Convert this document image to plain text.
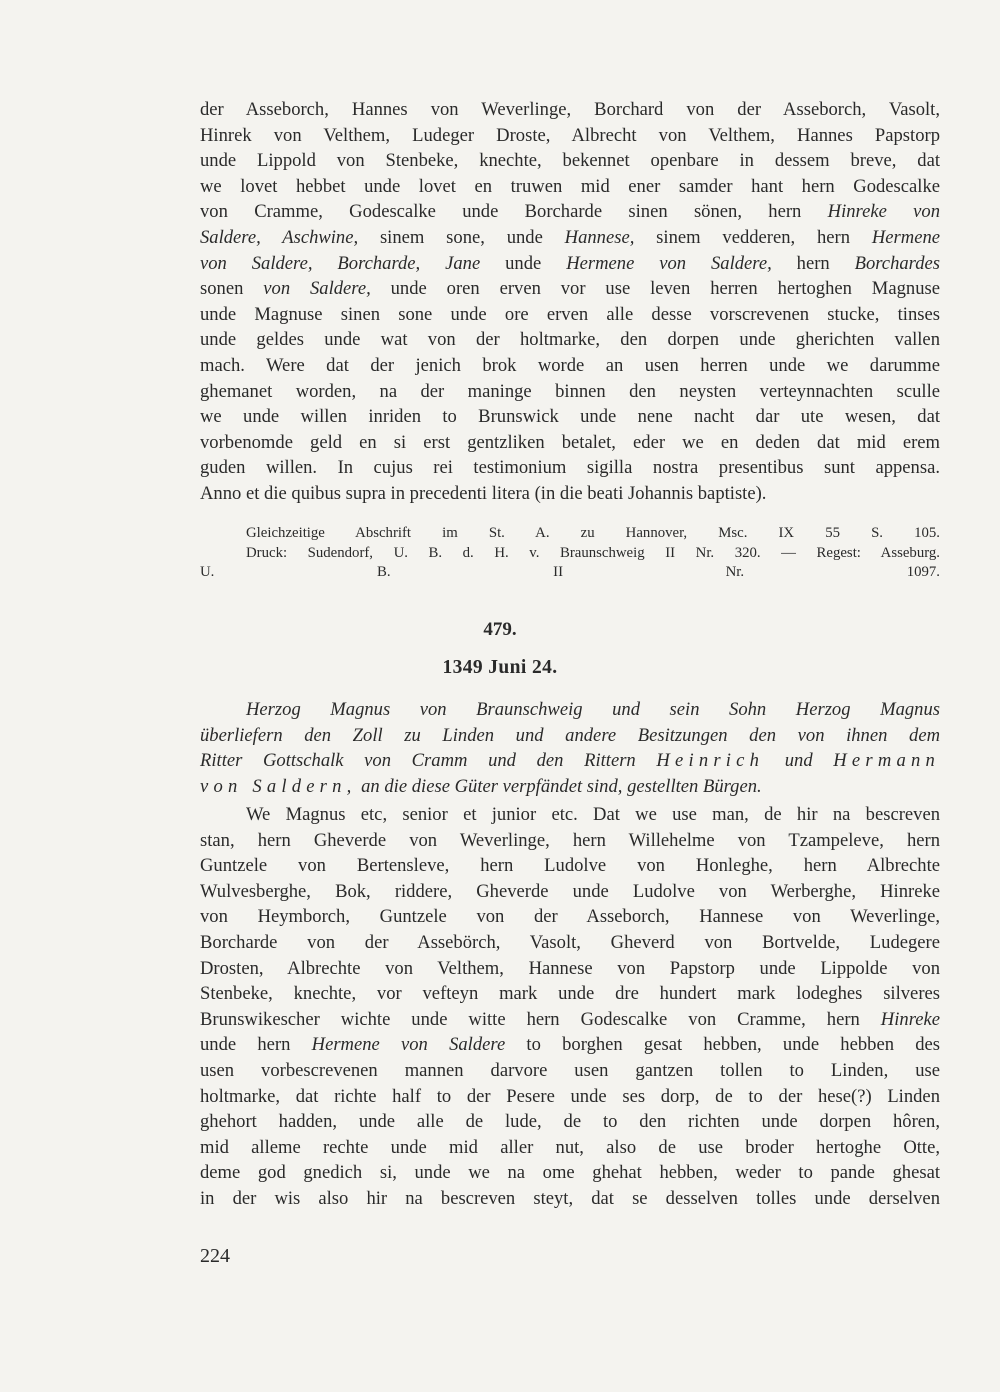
der Asseborch, Hannes von Weverlinge, Borchard von der Asseborch, Vasolt,
Hinrek von Velthem, Ludeger Droste, Albrecht von Velthem, Hannes Papstorp
unde Lippold von Stenbeke, knechte, bekennet openbare in dessem breve, dat
we lovet hebbet unde lovet en truwen mid ener samder hant hern Godescalke
von Cramme, Godescalke unde Borcharde sinen sönen, hern Hinreke von
Saldere, Aschwine, sinem sone, unde Hannese, sinem vedderen, hern Hermene
von Saldere, Borcharde, Jane unde Hermene von Saldere, hern Borchardes
sonen von Saldere, unde oren erven vor use leven herren hertoghen Magnuse
unde Magnuse sinen sone unde ore erven alle desse vorscrevenen stucke, tinses
unde geldes unde wat von der holtmarke, den dorpen unde gherichten vallen
mach. Were dat der jenich brok worde an usen herren unde we darumme
ghemanet worden, na der maninge binnen den neysten verteynnachten sculle
we unde willen inriden to Brunswick unde nene nacht dar ute wesen, dat
vorbenomde geld en si erst gentzliken betalet, eder we en deden dat mid erem
guden willen. In cujus rei testimonium sigilla nostra presentibus sunt appensa.
Anno et die quibus supra in precedenti litera (in die beati Johannis baptiste).
Gleichzeitige Abschrift im St. A. zu Hannover, Msc. IX 55 S. 105.
Druck: Sudendorf, U. B. d. H. v. Braunschweig II Nr. 320. — Regest: Asseburg.
U. B. II Nr. 1097.
479.
1349 Juni 24.
Herzog Magnus von Braunschweig und sein Sohn Herzog Magnus
überliefern den Zoll zu Linden und andere Besitzungen den von ihnen dem
Ritter Gottschalk von Cramm und den Rittern Heinrich und Hermann
von Saldern, an die diese Güter verpfändet sind, gestellten Bürgen.
We Magnus etc, senior et junior etc. Dat we use man, de hir na bescreven
stan, hern Gheverde von Weverlinge, hern Willehelme von Tzampeleve, hern
Guntzele von Bertensleve, hern Ludolve von Honleghe, hern Albrechte
Wulvesberghe, Bok, riddere, Gheverde unde Ludolve von Werberghe, Hinreke
von Heymborch, Guntzele von der Asseborch, Hannese von Weverlinge,
Borcharde von der Assebörch, Vasolt, Gheverd von Bortvelde, Ludegere
Drosten, Albrechte von Velthem, Hannese von Papstorp unde Lippolde von
Stenbeke, knechte, vor vefteyn mark unde dre hundert mark lodeghes silveres
Brunswikescher wichte unde witte hern Godescalke von Cramme, hern Hinreke
unde hern Hermene von Saldere to borghen gesat hebben, unde hebben des
usen vorbescrevenen mannen darvore usen gantzen tollen to Linden, use
holtmarke, dat richte half to der Pesere unde ses dorp, de to der hese(?) Linden
ghehort hadden, unde alle de lude, de to den richten unde dorpen hôren,
mid alleme rechte unde mid aller nut, also de use broder hertoghe Otte,
deme god gnedich si, unde we na ome ghehat hebben, weder to pande ghesat
in der wis also hir na bescreven steyt, dat se desselven tolles unde derselven
224
